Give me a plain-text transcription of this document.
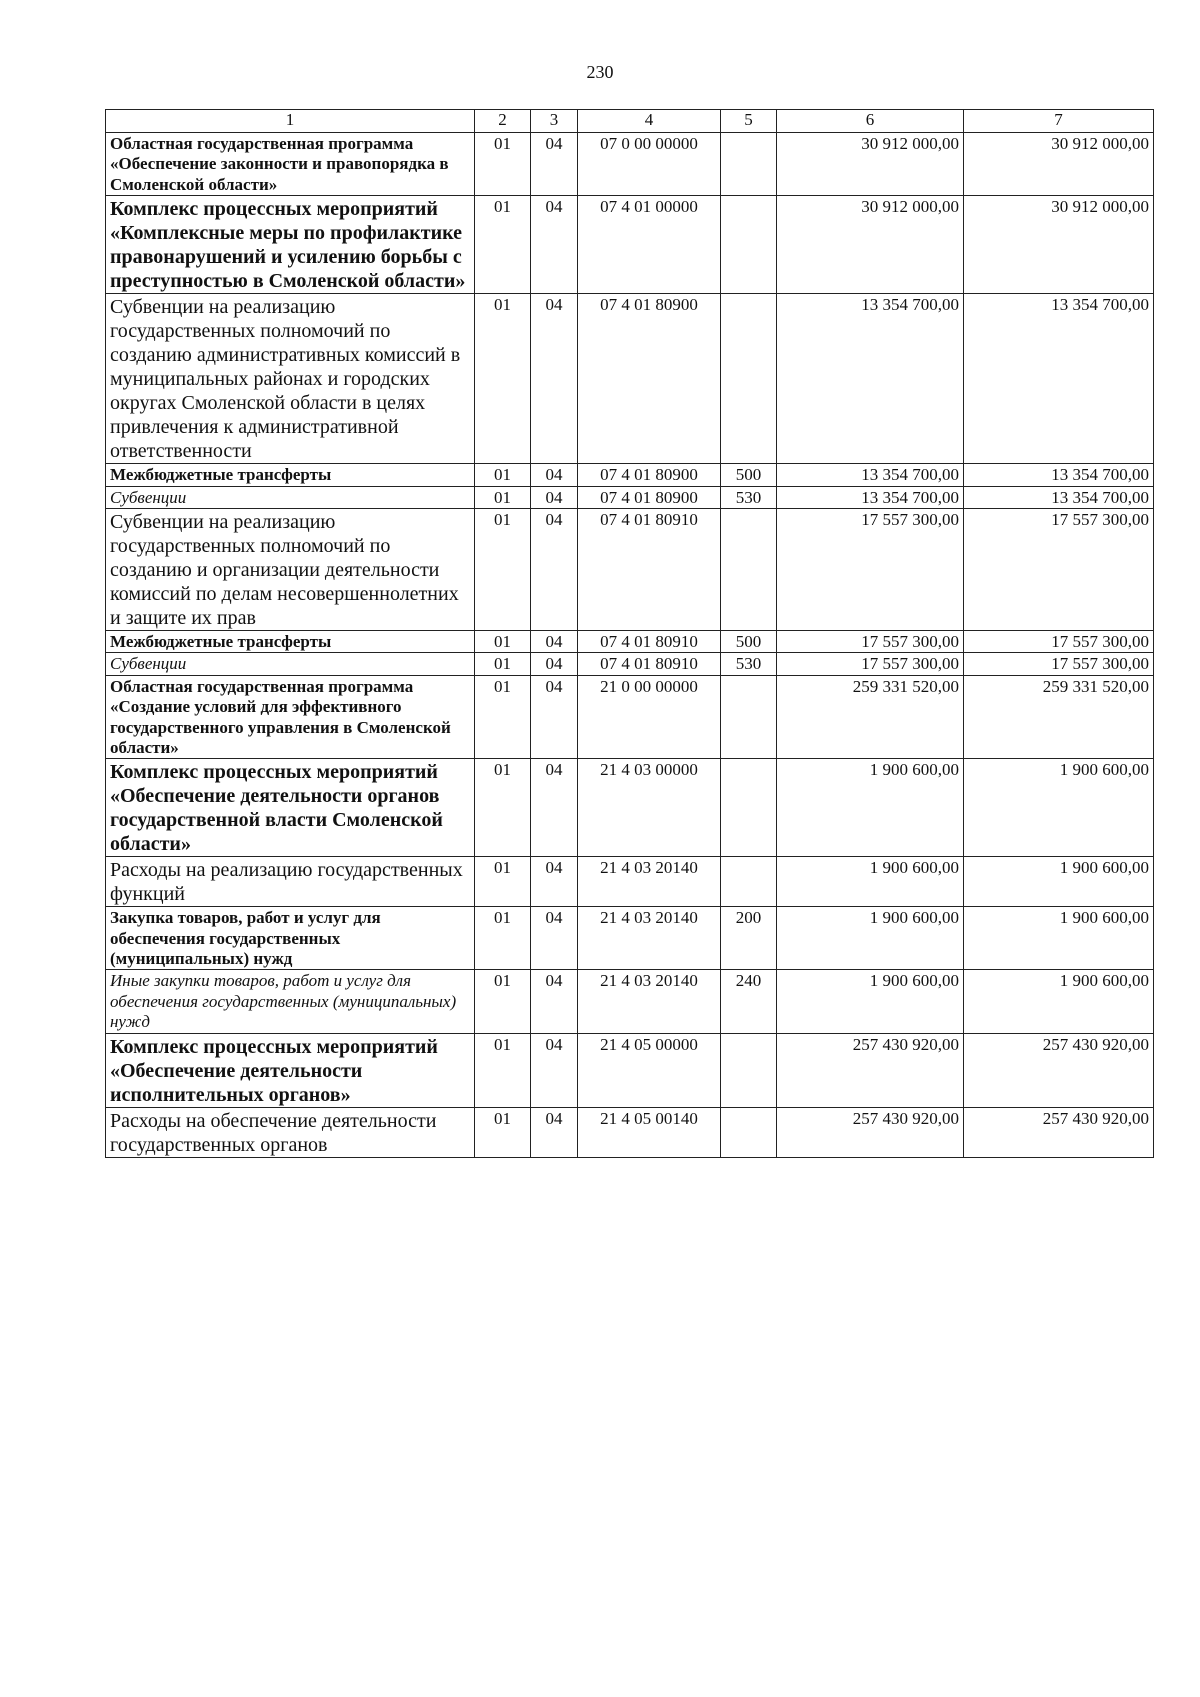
230
1	2	3	4	5	6	7
Областная государственная программа «Обеспечение законности и правопорядка в Смоленской области»	01	04	07 0 00 00000		30 912 000,00	30 912 000,00
Комплекс процессных мероприятий «Комплексные меры по профилактике правонарушений и усилению борьбы с преступностью в Смоленской области»	01	04	07 4 01 00000		30 912 000,00	30 912 000,00
Субвенции на реализацию государственных полномочий по созданию административных комиссий в муниципальных районах и городских округах Смоленской области в целях привлечения к административной ответственности	01	04	07 4 01 80900		13 354 700,00	13 354 700,00
Межбюджетные трансферты	01	04	07 4 01 80900	500	13 354 700,00	13 354 700,00
Субвенции	01	04	07 4 01 80900	530	13 354 700,00	13 354 700,00
Субвенции на реализацию государственных полномочий по созданию и организации деятельности комиссий по делам несовершеннолетних и защите их прав	01	04	07 4 01 80910		17 557 300,00	17 557 300,00
Межбюджетные трансферты	01	04	07 4 01 80910	500	17 557 300,00	17 557 300,00
Субвенции	01	04	07 4 01 80910	530	17 557 300,00	17 557 300,00
Областная государственная программа «Создание условий для эффективного государственного управления в Смоленской области»	01	04	21 0 00 00000		259 331 520,00	259 331 520,00
Комплекс процессных мероприятий «Обеспечение деятельности органов государственной власти Смоленской области»	01	04	21 4 03 00000		1 900 600,00	1 900 600,00
Расходы на реализацию государственных функций	01	04	21 4 03 20140		1 900 600,00	1 900 600,00
Закупка товаров, работ и услуг для обеспечения государственных (муниципальных) нужд	01	04	21 4 03 20140	200	1 900 600,00	1 900 600,00
Иные закупки товаров, работ и услуг для обеспечения государственных (муниципальных) нужд	01	04	21 4 03 20140	240	1 900 600,00	1 900 600,00
Комплекс процессных мероприятий «Обеспечение деятельности исполнительных органов»	01	04	21 4 05 00000		257 430 920,00	257 430 920,00
Расходы на обеспечение деятельности государственных органов	01	04	21 4 05 00140		257 430 920,00	257 430 920,00
